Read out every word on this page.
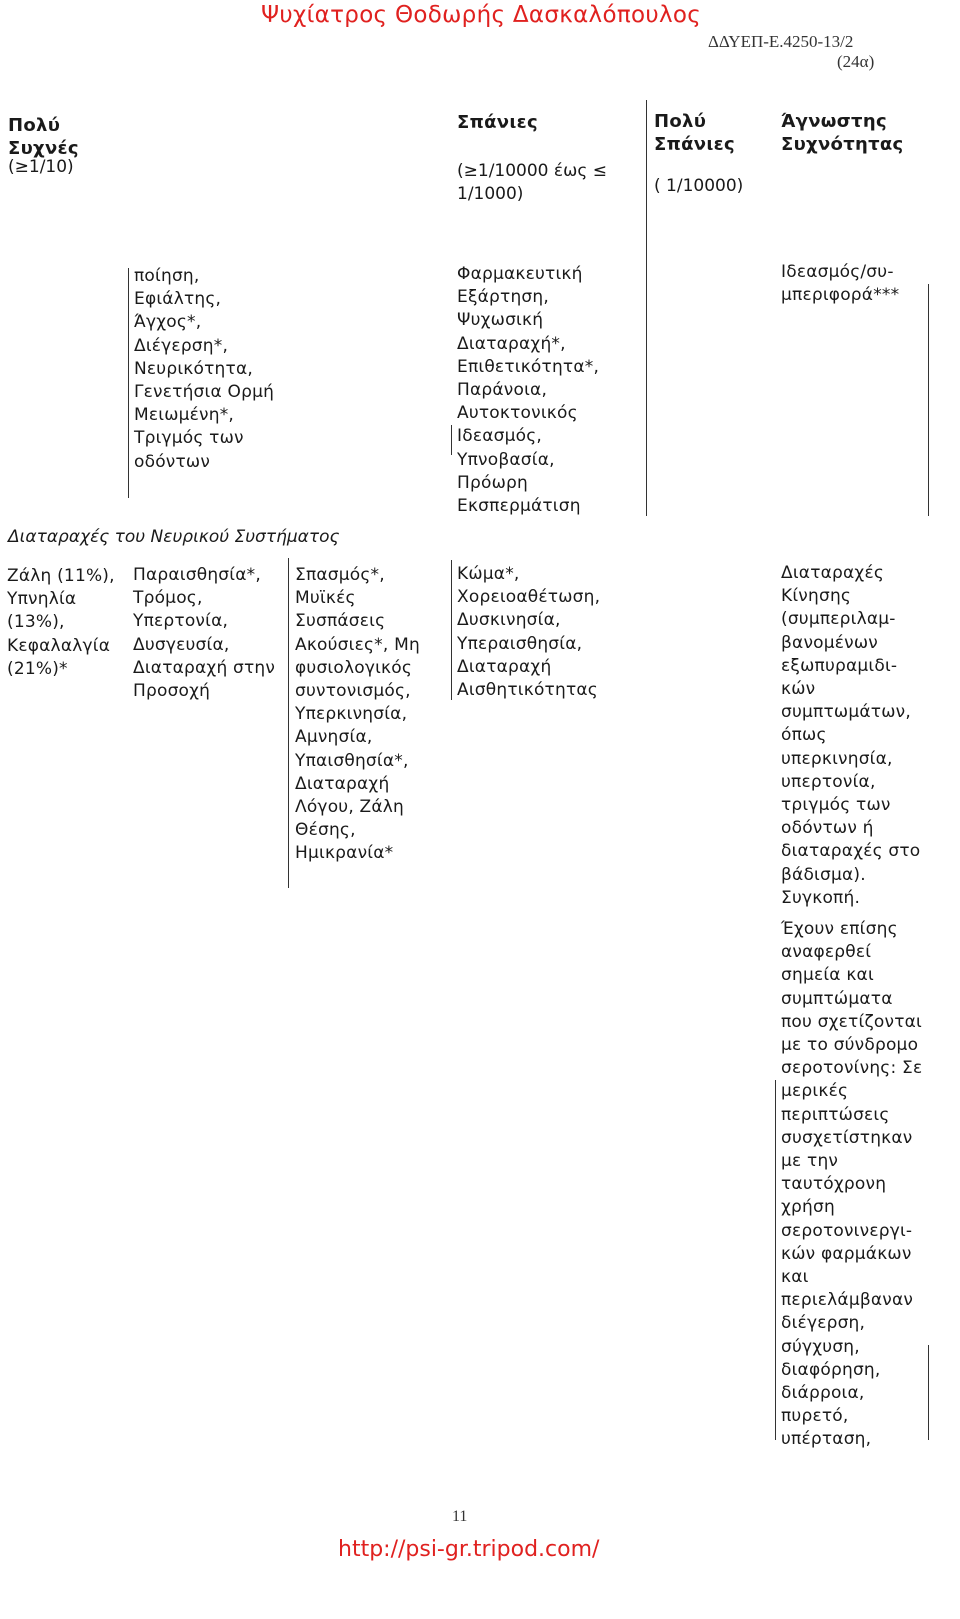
Ψυχίατρος Θοδωρής Δασκαλόπουλος
ΔΔΥΕΠ-Ε.4250-13/2
(24α)
Πολύ
Συχνές
(≥1/10)
Σπάνιες
(≥1/10000 έως ≤
1/1000)
Πολύ
Σπάνιες
( 1/10000)
Άγνωστης
Συχνότητας
ποίηση,
Εφιάλτης,
Άγχος*,
Διέγερση*,
Νευρικότητα,
Γενετήσια Ορμή
Μειωμένη*,
Τριγμός των
οδόντων
Φαρμακευτική
Εξάρτηση,
Ψυχωσική
Διαταραχή*,
Επιθετικότητα*,
Παράνοια,
Αυτοκτονικός
Ιδεασμός,
Υπνοβασία,
Πρόωρη
Εκσπερμάτιση
Ιδεασμός/συ-
μπεριφορά***
Διαταραχές του Νευρικού Συστήματος
Ζάλη (11%),
Υπνηλία
(13%),
Κεφαλαλγία
(21%)*
Παραισθησία*,
Τρόμος,
Υπερτονία,
Δυσγευσία,
Διαταραχή στην
Προσοχή
Σπασμός*,
Μυϊκές
Συσπάσεις
Ακούσιες*, Μη
φυσιολογικός
συντονισμός,
Υπερκινησία,
Αμνησία,
Υπαισθησία*,
Διαταραχή
Λόγου, Ζάλη
Θέσης,
Ημικρανία*
Κώμα*,
Χορειοαθέτωση,
Δυσκινησία,
Υπεραισθησία,
Διαταραχή
Αισθητικότητας
Διαταραχές
Κίνησης
(συμπεριλαμ-
βανομένων
εξωπυραμιδι-
κών
συμπτωμάτων,
όπως
υπερκινησία,
υπερτονία,
τριγμός των
οδόντων ή
διαταραχές στο
βάδισμα).
Συγκοπή.
Έχουν επίσης
αναφερθεί
σημεία και
συμπτώματα
που σχετίζονται
με το σύνδρομο
σεροτονίνης: Σε
μερικές
περιπτώσεις
συσχετίστηκαν
με την
ταυτόχρονη
χρήση
σεροτονινεργι-
κών φαρμάκων
και
περιελάμβαναν
διέγερση,
σύγχυση,
διαφόρηση,
διάρροια,
πυρετό,
υπέρταση,
11
http://psi-gr.tripod.com/
